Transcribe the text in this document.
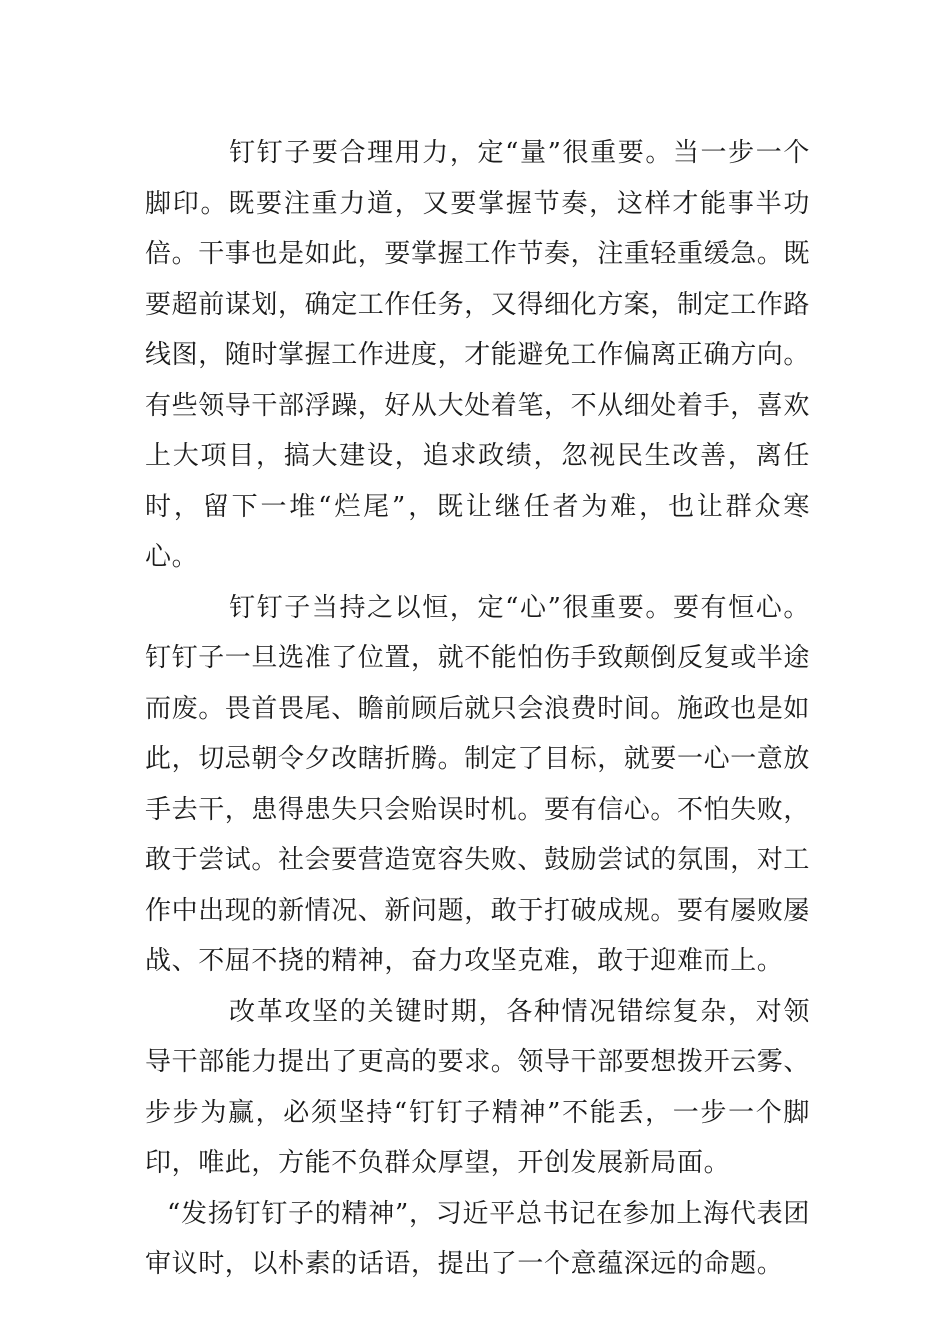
钉钉子要合理用力，定“量”很重要。当一步一个脚印。既要注重力道，又要掌握节奏，这样才能事半功倍。干事也是如此，要掌握工作节奏，注重轻重缓急。既要超前谋划，确定工作任务，又得细化方案，制定工作路线图，随时掌握工作进度，才能避免工作偏离正确方向。有些领导干部浮躁，好从大处着笔，不从细处着手，喜欢上大项目，搞大建设，追求政绩，忽视民生改善，离任时，留下一堆“烂尾”，既让继任者为难，也让群众寒心。

钉钉子当持之以恒，定“心”很重要。要有恒心。钉钉子一旦选准了位置，就不能怕伤手致颠倒反复或半途而废。畏首畏尾、瞻前顾后就只会浪费时间。施政也是如此，切忌朝令夕改瞎折腾。制定了目标，就要一心一意放手去干，患得患失只会贻误时机。要有信心。不怕失败，敢于尝试。社会要营造宽容失败、鼓励尝试的氛围，对工作中出现的新情况、新问题，敢于打破成规。要有屡败屡战、不屈不挠的精神，奋力攻坚克难，敢于迎难而上。

改革攻坚的关键时期，各种情况错综复杂，对领导干部能力提出了更高的要求。领导干部要想拨开云雾、步步为赢，必须坚持“钉钉子精神”不能丢，一步一个脚印，唯此，方能不负群众厚望，开创发展新局面。

“发扬钉钉子的精神”，习近平总书记在参加上海代表团审议时，以朴素的话语，提出了一个意蕴深远的命题。
